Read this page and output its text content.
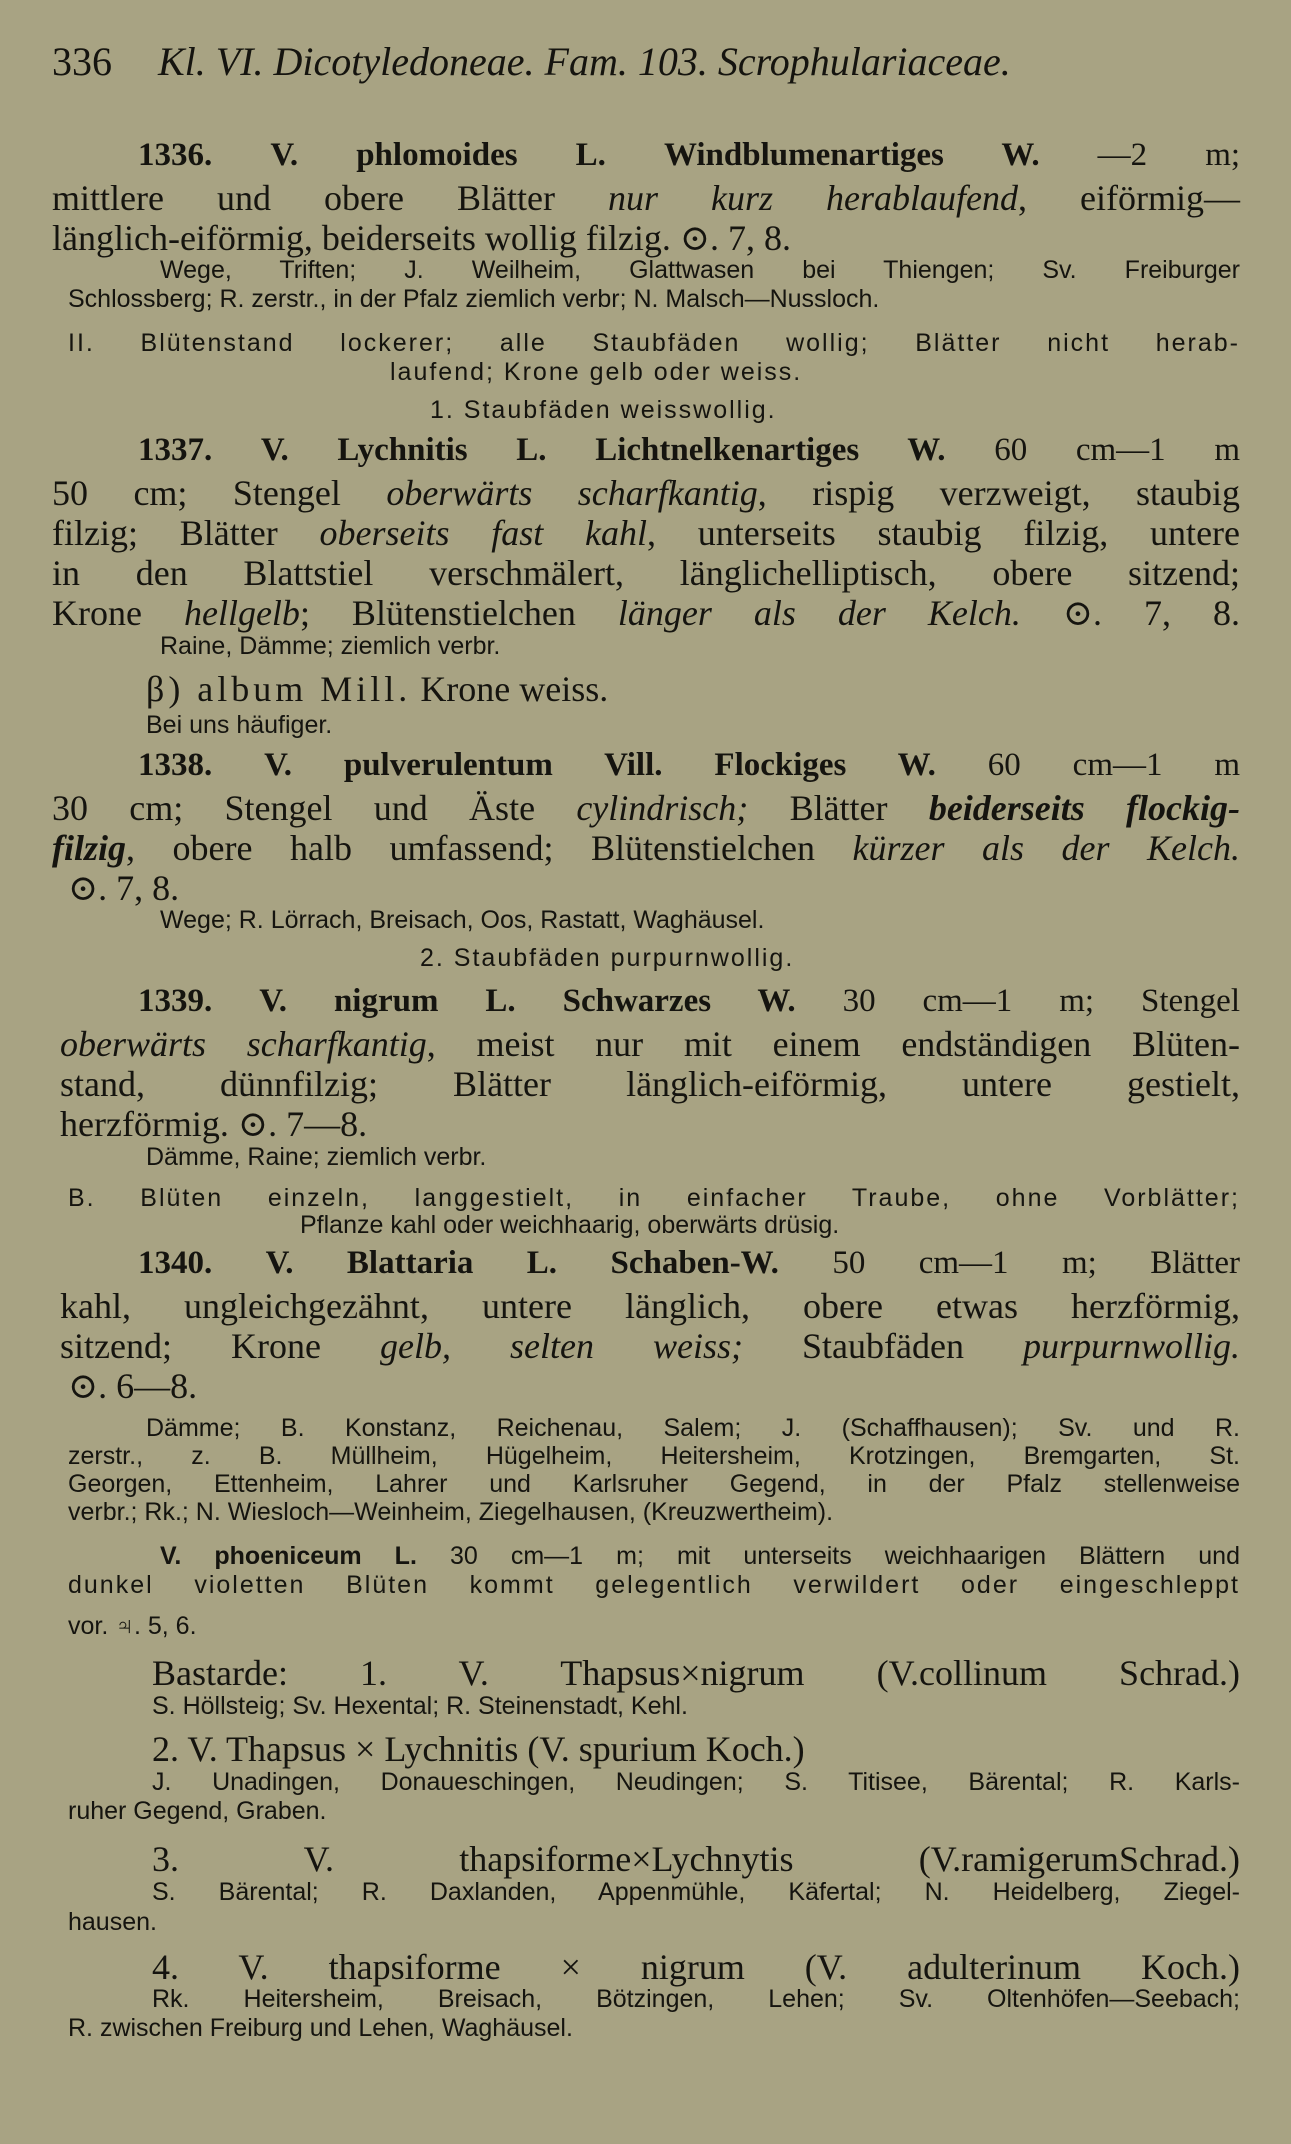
336 Kl. VI. Dicotyledoneae. Fam. 103. Scrophulariaceae.
1336. V. phlomoides L. Windblumenartiges W. —2 m;
mittlere und obere Blätter nur kurz herablaufend, eiförmig—
länglich-eiförmig, beiderseits wollig filzig. ⊙. 7, 8.
Wege, Triften; J. Weilheim, Glattwasen bei Thiengen; Sv. Freiburger
Schlossberg; R. zerstr., in der Pfalz ziemlich verbr; N. Malsch—Nussloch.
II. Blütenstand lockerer; alle Staubfäden wollig; Blätter nicht herab-
laufend; Krone gelb oder weiss.
1. Staubfäden weisswollig.
1337. V. Lychnitis L. Lichtnelkenartiges W. 60 cm—1 m
50 cm; Stengel oberwärts scharfkantig, rispig verzweigt, staubig
filzig; Blätter oberseits fast kahl, unterseits staubig filzig, untere
in den Blattstiel verschmälert, länglichelliptisch, obere sitzend;
Krone hellgelb; Blütenstielchen länger als der Kelch. ⊙. 7, 8.
Raine, Dämme; ziemlich verbr.
β) album Mill. Krone weiss.
Bei uns häufiger.
1338. V. pulverulentum Vill. Flockiges W. 60 cm—1 m
30 cm; Stengel und Äste cylindrisch; Blätter beiderseits flockig-
filzig, obere halb umfassend; Blütenstielchen kürzer als der Kelch.
⊙. 7, 8.
Wege; R. Lörrach, Breisach, Oos, Rastatt, Waghäusel.
2. Staubfäden purpurnwollig.
1339. V. nigrum L. Schwarzes W. 30 cm—1 m; Stengel
oberwärts scharfkantig, meist nur mit einem endständigen Blüten-
stand, dünnfilzig; Blätter länglich-eiförmig, untere gestielt,
herzförmig. ⊙. 7—8.
Dämme, Raine; ziemlich verbr.
B. Blüten einzeln, langgestielt, in einfacher Traube, ohne Vorblätter;
Pflanze kahl oder weichhaarig, oberwärts drüsig.
1340. V. Blattaria L. Schaben-W. 50 cm—1 m; Blätter
kahl, ungleichgezähnt, untere länglich, obere etwas herzförmig,
sitzend; Krone gelb, selten weiss; Staubfäden purpurnwollig.
⊙. 6—8.
Dämme; B. Konstanz, Reichenau, Salem; J. (Schaffhausen); Sv. und R.
zerstr., z. B. Müllheim, Hügelheim, Heitersheim, Krotzingen, Bremgarten, St.
Georgen, Ettenheim, Lahrer und Karlsruher Gegend, in der Pfalz stellenweise
verbr.; Rk.; N. Wiesloch—Weinheim, Ziegelhausen, (Kreuzwertheim).
V. phoeniceum L. 30 cm—1 m; mit unterseits weichhaarigen Blättern und
dunkel violetten Blüten kommt gelegentlich verwildert oder eingeschleppt
vor. ♃. 5, 6.
Bastarde: 1. V. Thapsus×nigrum (V.collinum Schrad.)
S. Höllsteig; Sv. Hexental; R. Steinenstadt, Kehl.
2. V. Thapsus × Lychnitis (V. spurium Koch.)
J. Unadingen, Donaueschingen, Neudingen; S. Titisee, Bärental; R. Karls-
ruher Gegend, Graben.
3. V. thapsiforme×Lychnytis (V.ramigerumSchrad.)
S. Bärental; R. Daxlanden, Appenmühle, Käfertal; N. Heidelberg, Ziegel-
hausen.
4. V. thapsiforme × nigrum (V. adulterinum Koch.)
Rk. Heitersheim, Breisach, Bötzingen, Lehen; Sv. Oltenhöfen—Seebach;
R. zwischen Freiburg und Lehen, Waghäusel.
